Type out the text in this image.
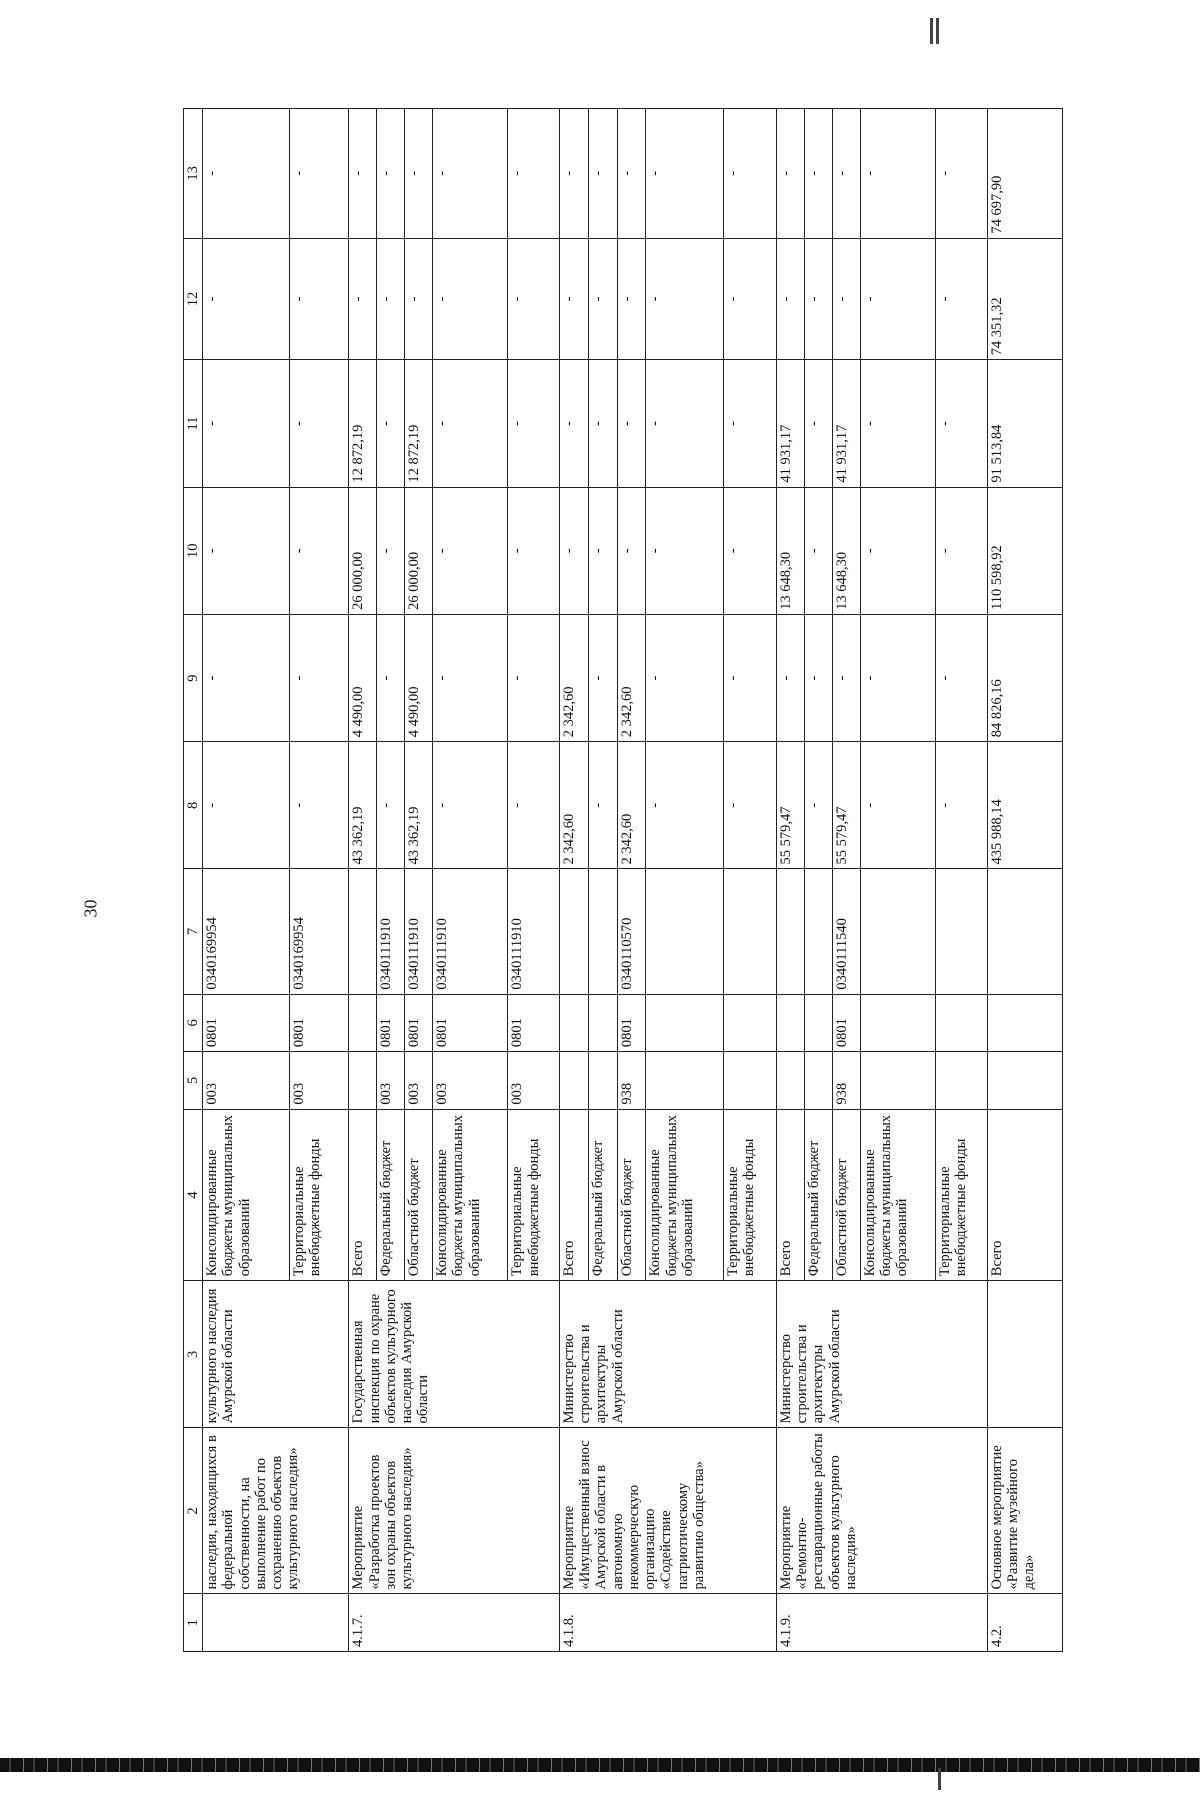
30
1	2	3	4	5	6	7	8	9	10	11	12	13
	наследия, находящихся в федеральной собственности, на выполнение работ по сохранению объектов культурного наследия»	культурного наследия Амурской области	Консолидированные бюджеты муниципальных образований	003	0801	0340169954	-	-	-	-	-	-
			Территориальные внебюджетные фонды	003	0801	0340169954	-	-	-	-	-	-
4.1.7.	Мероприятие «Разработка проектов зон охраны объектов культурного наследия»	Государственная инспекция по охране объектов культурного наследия Амурской области	Всего				43 362,19	4 490,00	26 000,00	12 872,19	-	-
			Федеральный бюджет	003	0801	0340111910	-	-	-	-	-	-
			Областной бюджет	003	0801	0340111910	43 362,19	4 490,00	26 000,00	12 872,19	-	-
			Консолидированные бюджеты муниципальных образований	003	0801	0340111910	-	-	-	-	-	-
			Территориальные внебюджетные фонды	003	0801	0340111910	-	-	-	-	-	-
4.1.8.	Мероприятие «Имущественный взнос Амурской области в автономную некоммерческую организацию «Содействие патриотическому развитию общества»	Министерство строительства и архитектуры Амурской области	Всего				2 342,60	2 342,60	-	-	-	-
			Федеральный бюджет				-	-	-	-	-	-
			Областной бюджет	938	0801	0340110570	2 342,60	2 342,60	-	-	-	-
			Консолидированные бюджеты муниципальных образований				-	-	-	-	-	-
			Территориальные внебюджетные фонды				-	-	-	-	-	-
4.1.9.	Мероприятие «Ремонтно-реставрационные работы объектов культурного наследия»	Министерство строительства и архитектуры Амурской области	Всего				55 579,47	-	13 648,30	41 931,17	-	-
			Федеральный бюджет				-	-	-	-	-	-
			Областной бюджет	938	0801	0340111540	55 579,47	-	13 648,30	41 931,17	-	-
			Консолидированные бюджеты муниципальных образований				-	-	-	-	-	-
			Территориальные внебюджетные фонды				-	-	-	-	-	-
4.2.	Основное мероприятие «Развитие музейного дела»		Всего				435 988,14	84 826,16	110 598,92	91 513,84	74 351,32	74 697,90
